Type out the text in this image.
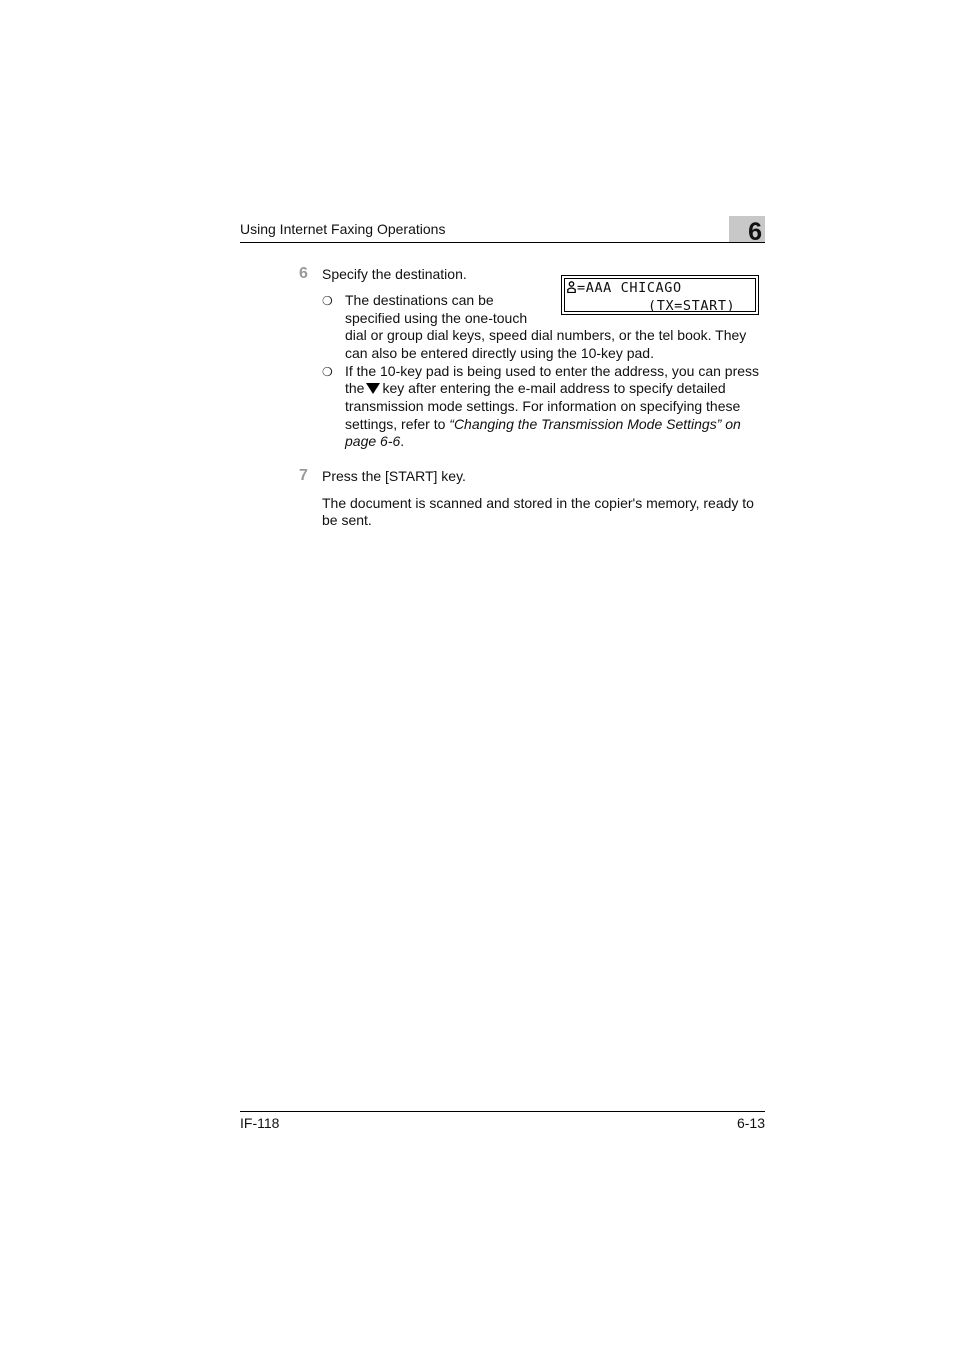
Using Internet Faxing Operations	6
6 Specify the destination.
=AAA CHICAGO
(TX=START)
❍ The destinations can be
specified using the one-touch
dial or group dial keys, speed dial numbers, or the tel book. They
can also be entered directly using the 10-key pad.
❍ If the 10-key pad is being used to enter the address, you can press
the key after entering the e-mail address to specify detailed
transmission mode settings. For information on specifying these
settings, refer to “Changing the Transmission Mode Settings” on
page 6-6.
7 Press the [START] key.
The document is scanned and stored in the copier's memory, ready to
be sent.
IF-118	6-13
